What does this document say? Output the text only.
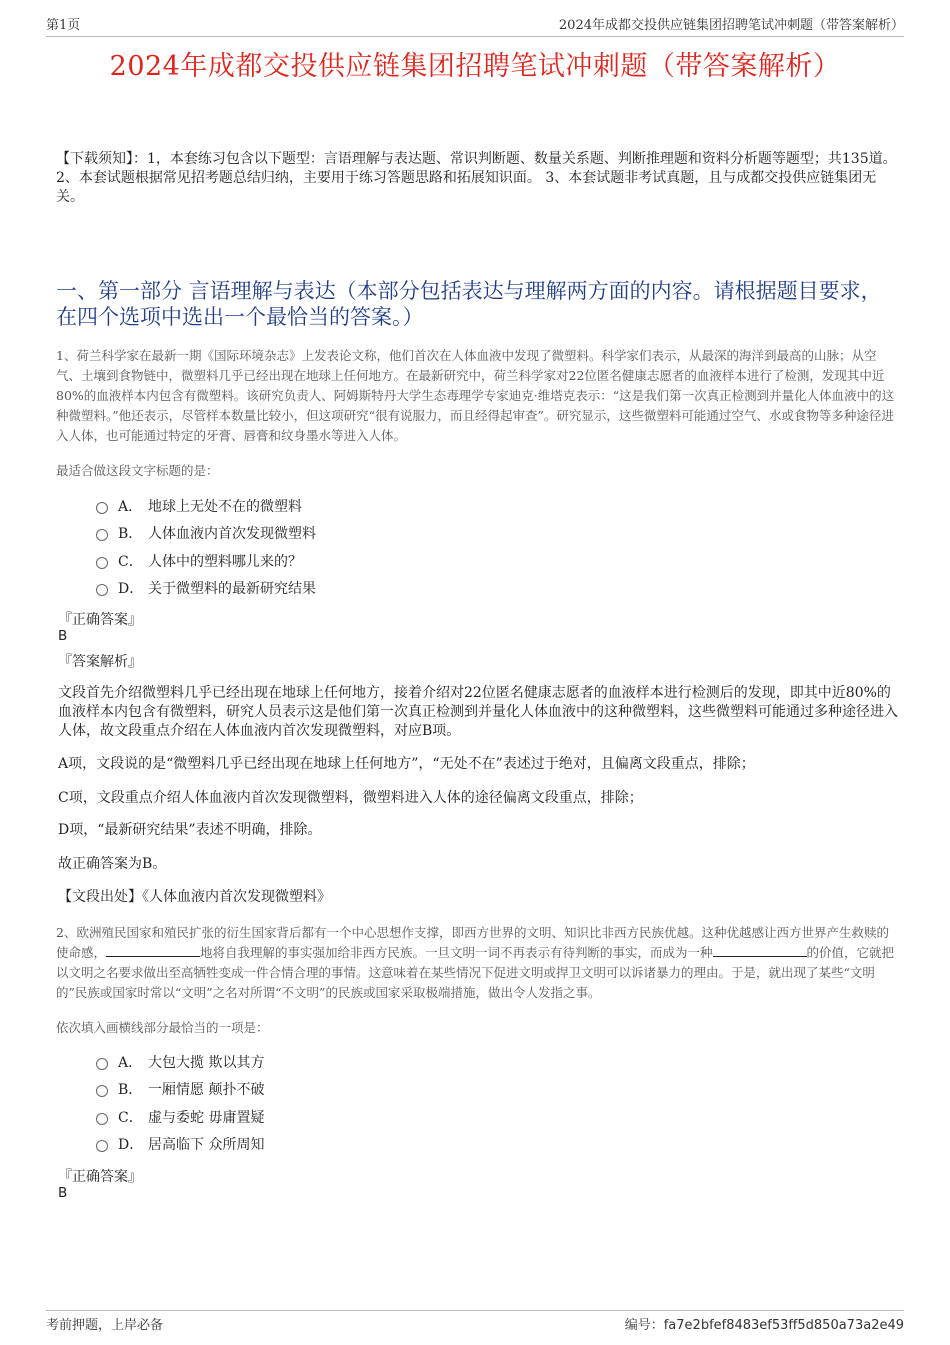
第1页	2024年成都交投供应链集团招聘笔试冲刺题（带答案解析）
2024年成都交投供应链集团招聘笔试冲刺题（带答案解析）
【下载须知】：1，本套练习包含以下题型：言语理解与表达题、常识判断题、数量关系题、判断推理题和资料分析题等题型；共135道。 2、本套试题根据常见招考题总结归纳，主要用于练习答题思路和拓展知识面。 3、本套试题非考试真题，且与成都交投供应链集团无关。
一、第一部分 言语理解与表达（本部分包括表达与理解两方面的内容。请根据题目要求，在四个选项中选出一个最恰当的答案。）

1、荷兰科学家在最新一期《国际环境杂志》上发表论文称，他们首次在人体血液中发现了微塑料。科学家们表示，从最深的海洋到最高的山脉；从空气、土壤到食物链中，微塑料几乎已经出现在地球上任何地方。在最新研究中，荷兰科学家对22位匿名健康志愿者的血液样本进行了检测，发现其中近80%的血液样本内包含有微塑料。该研究负责人、阿姆斯特丹大学生态毒理学专家迪克·维塔克表示：“这是我们第一次真正检测到并量化人体血液中的这种微塑料。”他还表示，尽管样本数量比较小，但这项研究“很有说服力，而且经得起审查”。研究显示，这些微塑料可能通过空气、水或食物等多种途径进入人体，也可能通过特定的牙膏、唇膏和纹身墨水等进入人体。

最适合做这段文字标题的是：

A． 地球上无处不在的微塑料
B． 人体血液内首次发现微塑料
C． 人体中的塑料哪儿来的？
D． 关于微塑料的最新研究结果
『正确答案』
B
『答案解析』

文段首先介绍微塑料几乎已经出现在地球上任何地方，接着介绍对22位匿名健康志愿者的血液样本进行检测后的发现，即其中近80%的血液样本内包含有微塑料，研究人员表示这是他们第一次真正检测到并量化人体血液中的这种微塑料，这些微塑料可能通过多种途径进入人体，故文段重点介绍在人体血液内首次发现微塑料，对应B项。

A项，文段说的是“微塑料几乎已经出现在地球上任何地方”，“无处不在”表述过于绝对，且偏离文段重点，排除；

C项，文段重点介绍人体血液内首次发现微塑料，微塑料进入人体的途径偏离文段重点，排除；

D项，“最新研究结果”表述不明确，排除。

故正确答案为B。

【文段出处】《人体血液内首次发现微塑料》

2、欧洲殖民国家和殖民扩张的衍生国家背后都有一个中心思想作支撑，即西方世界的文明、知识比非西方民族优越。这种优越感让西方世界产生救赎的使命感，	地将自我理解的事实强加给非西方民族。一旦文明一词不再表示有待判断的事实，而成为一种	的价值，它就把以文明之名要求做出至高牺牲变成一件合情合理的事情。这意味着在某些情况下促进文明或捍卫文明可以诉诸暴力的理由。于是，就出现了某些“文明的”民族或国家时常以“文明”之名对所谓“不文明”的民族或国家采取极端措施，做出令人发指之事。

依次填入画横线部分最恰当的一项是：

A． 大包大揽 欺以其方
B． 一厢情愿 颠扑不破
C． 虚与委蛇 毋庸置疑
D． 居高临下 众所周知
『正确答案』
B
考前押题，上岸必备	编号：fa7e2bfef8483ef53ff5d850a73a2e49
